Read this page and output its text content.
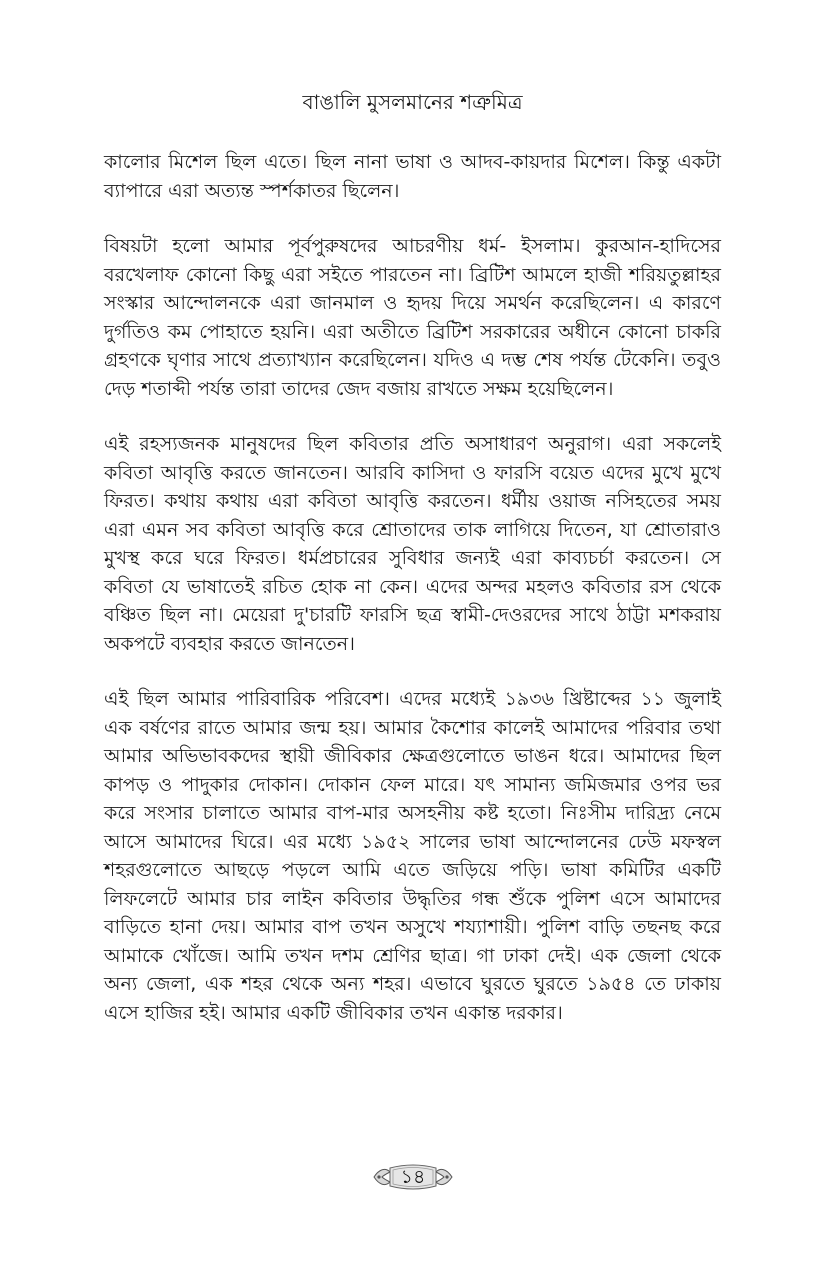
বাঙালি মুসলমানের শত্রুমিত্র

কালোর মিশেল ছিল এতে। ছিল নানা ভাষা ও আদব-কায়দার মিশেল। কিন্তু একটা ব্যাপারে এরা অত্যন্ত স্পর্শকাতর ছিলেন।

বিষয়টা হলো আমার পূর্বপুরুষদের আচরণীয় ধর্ম- ইসলাম। কুরআন-হাদিসের বরখেলাফ কোনো কিছু এরা সইতে পারতেন না। ব্রিটিশ আমলে হাজী শরিয়তুল্লাহর সংস্কার আন্দোলনকে এরা জানমাল ও হৃদয় দিয়ে সমর্থন করেছিলেন। এ কারণে দুর্গতিও কম পোহাতে হয়নি। এরা অতীতে ব্রিটিশ সরকারের অধীনে কোনো চাকরি গ্রহণকে ঘৃণার সাথে প্রত্যাখ্যান করেছিলেন। যদিও এ দম্ভ শেষ পর্যন্ত টেকেনি। তবুও দেড় শতাব্দী পর্যন্ত তারা তাদের জেদ বজায় রাখতে সক্ষম হয়েছিলেন।

এই রহস্যজনক মানুষদের ছিল কবিতার প্রতি অসাধারণ অনুরাগ। এরা সকলেই কবিতা আবৃত্তি করতে জানতেন। আরবি কাসিদা ও ফারসি বয়েত এদের মুখে মুখে ফিরত। কথায় কথায় এরা কবিতা আবৃত্তি করতেন। ধর্মীয় ওয়াজ নসিহতের সময় এরা এমন সব কবিতা আবৃত্তি করে শ্রোতাদের তাক লাগিয়ে দিতেন, যা শ্রোতারাও মুখস্থ করে ঘরে ফিরত। ধর্মপ্রচারের সুবিধার জন্যই এরা কাব্যচর্চা করতেন। সে কবিতা যে ভাষাতেই রচিত হোক না কেন। এদের অন্দর মহলও কবিতার রস থেকে বঞ্চিত ছিল না। মেয়েরা দু'চারটি ফারসি ছত্র স্বামী-দেওরদের সাথে ঠাট্টা মশকরায় অকপটে ব্যবহার করতে জানতেন।

এই ছিল আমার পারিবারিক পরিবেশ। এদের মধ্যেই ১৯৩৬ খ্রিষ্টাব্দের ১১ জুলাই এক বর্ষণের রাতে আমার জন্ম হয়। আমার কৈশোর কালেই আমাদের পরিবার তথা আমার অভিভাবকদের স্থায়ী জীবিকার ক্ষেত্রগুলোতে ভাঙন ধরে। আমাদের ছিল কাপড় ও পাদুকার দোকান। দোকান ফেল মারে। যৎ সামান্য জমিজমার ওপর ভর করে সংসার চালাতে আমার বাপ-মার অসহনীয় কষ্ট হতো। নিঃসীম দারিদ্র্য নেমে আসে আমাদের ঘিরে। এর মধ্যে ১৯৫২ সালের ভাষা আন্দোলনের ঢেউ মফস্বল শহরগুলোতে আছড়ে পড়লে আমি এতে জড়িয়ে পড়ি। ভাষা কমিটির একটি লিফলেটে আমার চার লাইন কবিতার উদ্ধৃতির গন্ধ শুঁকে পুলিশ এসে আমাদের বাড়িতে হানা দেয়। আমার বাপ তখন অসুখে শয্যাশায়ী। পুলিশ বাড়ি তছনছ করে আমাকে খোঁজে। আমি তখন দশম শ্রেণির ছাত্র। গা ঢাকা দেই। এক জেলা থেকে অন্য জেলা, এক শহর থেকে অন্য শহর। এভাবে ঘুরতে ঘুরতে ১৯৫৪ তে ঢাকায় এসে হাজির হই। আমার একটি জীবিকার তখন একান্ত দরকার।

১৪
